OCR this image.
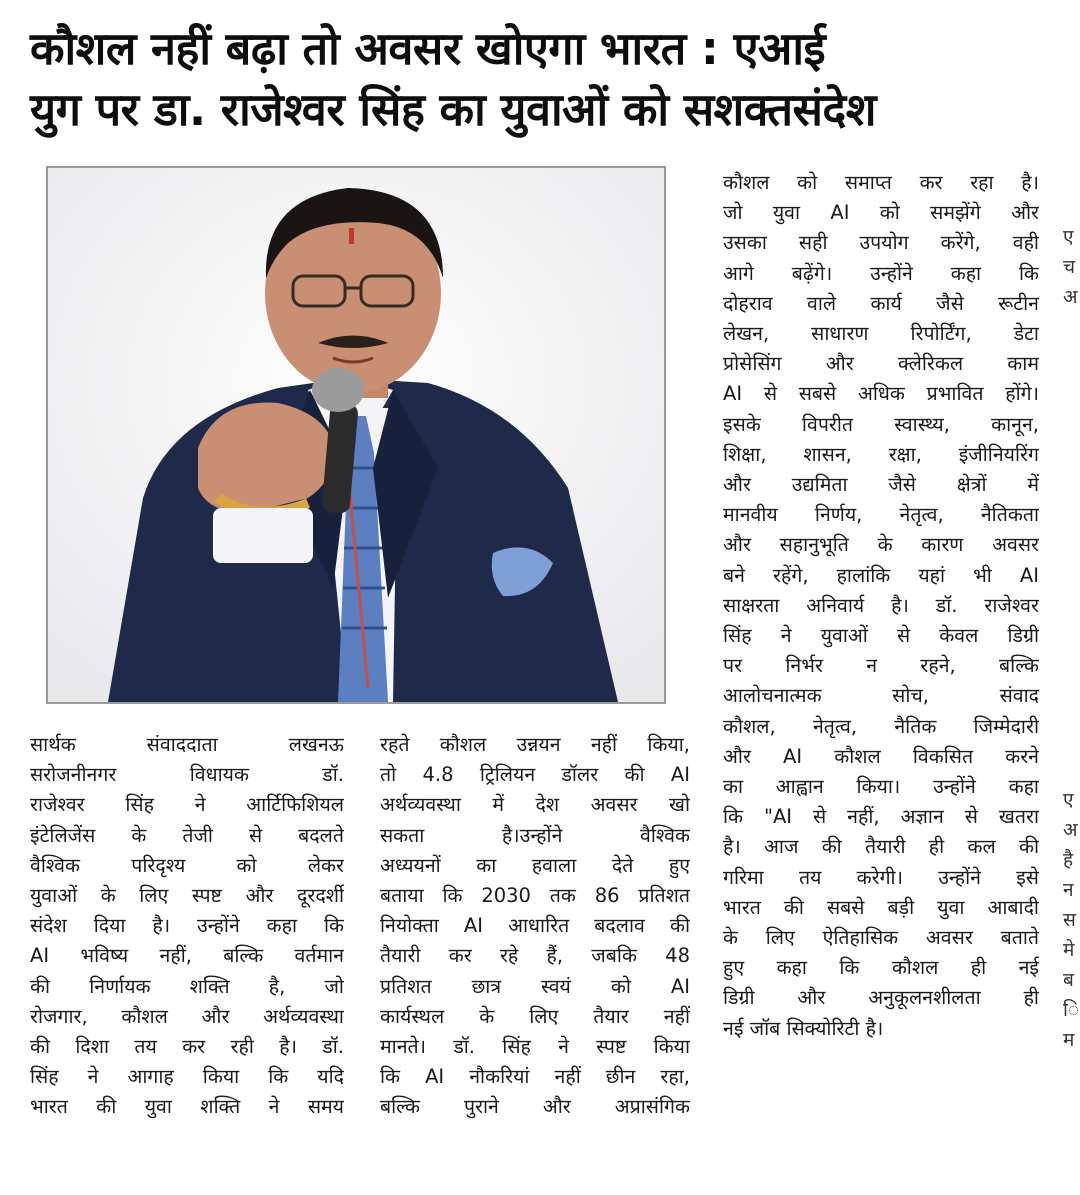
कौशल नहीं बढ़ा तो अवसर खोएगा भारत : एआई
युग पर डा. राजेश्वर सिंह का युवाओं को सशक्तसंदेश
सार्थक संवाददाता लखनऊ
सरोजनीनगर विधायक डॉ.
राजेश्वर सिंह ने आर्टिफिशियल
इंटेलिजेंस के तेजी से बदलते
वैश्विक परिदृश्य को लेकर
युवाओं के लिए स्पष्ट और दूरदर्शी
संदेश दिया है। उन्होंने कहा कि
AI भविष्य नहीं, बल्कि वर्तमान
की निर्णायक शक्ति है, जो
रोजगार, कौशल और अर्थव्यवस्था
की दिशा तय कर रही है। डॉ.
सिंह ने आगाह किया कि यदि
भारत की युवा शक्ति ने समय
रहते कौशल उन्नयन नहीं किया,
तो 4.8 ट्रिलियन डॉलर की AI
अर्थव्यवस्था में देश अवसर खो
सकता है।उन्होंने वैश्विक
अध्ययनों का हवाला देते हुए
बताया कि 2030 तक 86 प्रतिशत
नियोक्ता AI आधारित बदलाव की
तैयारी कर रहे हैं, जबकि 48
प्रतिशत छात्र स्वयं को AI
कार्यस्थल के लिए तैयार नहीं
मानते। डॉ. सिंह ने स्पष्ट किया
कि AI नौकरियां नहीं छीन रहा,
बल्कि पुराने और अप्रासंगिक
कौशल को समाप्त कर रहा है।
जो युवा AI को समझेंगे और
उसका सही उपयोग करेंगे, वही
आगे बढ़ेंगे। उन्होंने कहा कि
दोहराव वाले कार्य जैसे रूटीन
लेखन, साधारण रिपोर्टिंग, डेटा
प्रोसेसिंग और क्लेरिकल काम
AI से सबसे अधिक प्रभावित होंगे।
इसके विपरीत स्वास्थ्य, कानून,
शिक्षा, शासन, रक्षा, इंजीनियरिंग
और उद्यमिता जैसे क्षेत्रों में
मानवीय निर्णय, नेतृत्व, नैतिकता
और सहानुभूति के कारण अवसर
बने रहेंगे, हालांकि यहां भी AI
साक्षरता अनिवार्य है। डॉ. राजेश्वर
सिंह ने युवाओं से केवल डिग्री
पर निर्भर न रहने, बल्कि
आलोचनात्मक सोच, संवाद
कौशल, नेतृत्व, नैतिक जिम्मेदारी
और AI कौशल विकसित करने
का आह्वान किया। उन्होंने कहा
कि "AI से नहीं, अज्ञान से खतरा
है। आज की तैयारी ही कल की
गरिमा तय करेगी। उन्होंने इसे
भारत की सबसे बड़ी युवा आबादी
के लिए ऐतिहासिक अवसर बताते
हुए कहा कि कौशल ही नई
डिग्री और अनुकूलनशीलता ही
नई जॉब सिक्योरिटी है।
ए
च
अ
ए
अ
है
न
स
मे
ब
ि
म
